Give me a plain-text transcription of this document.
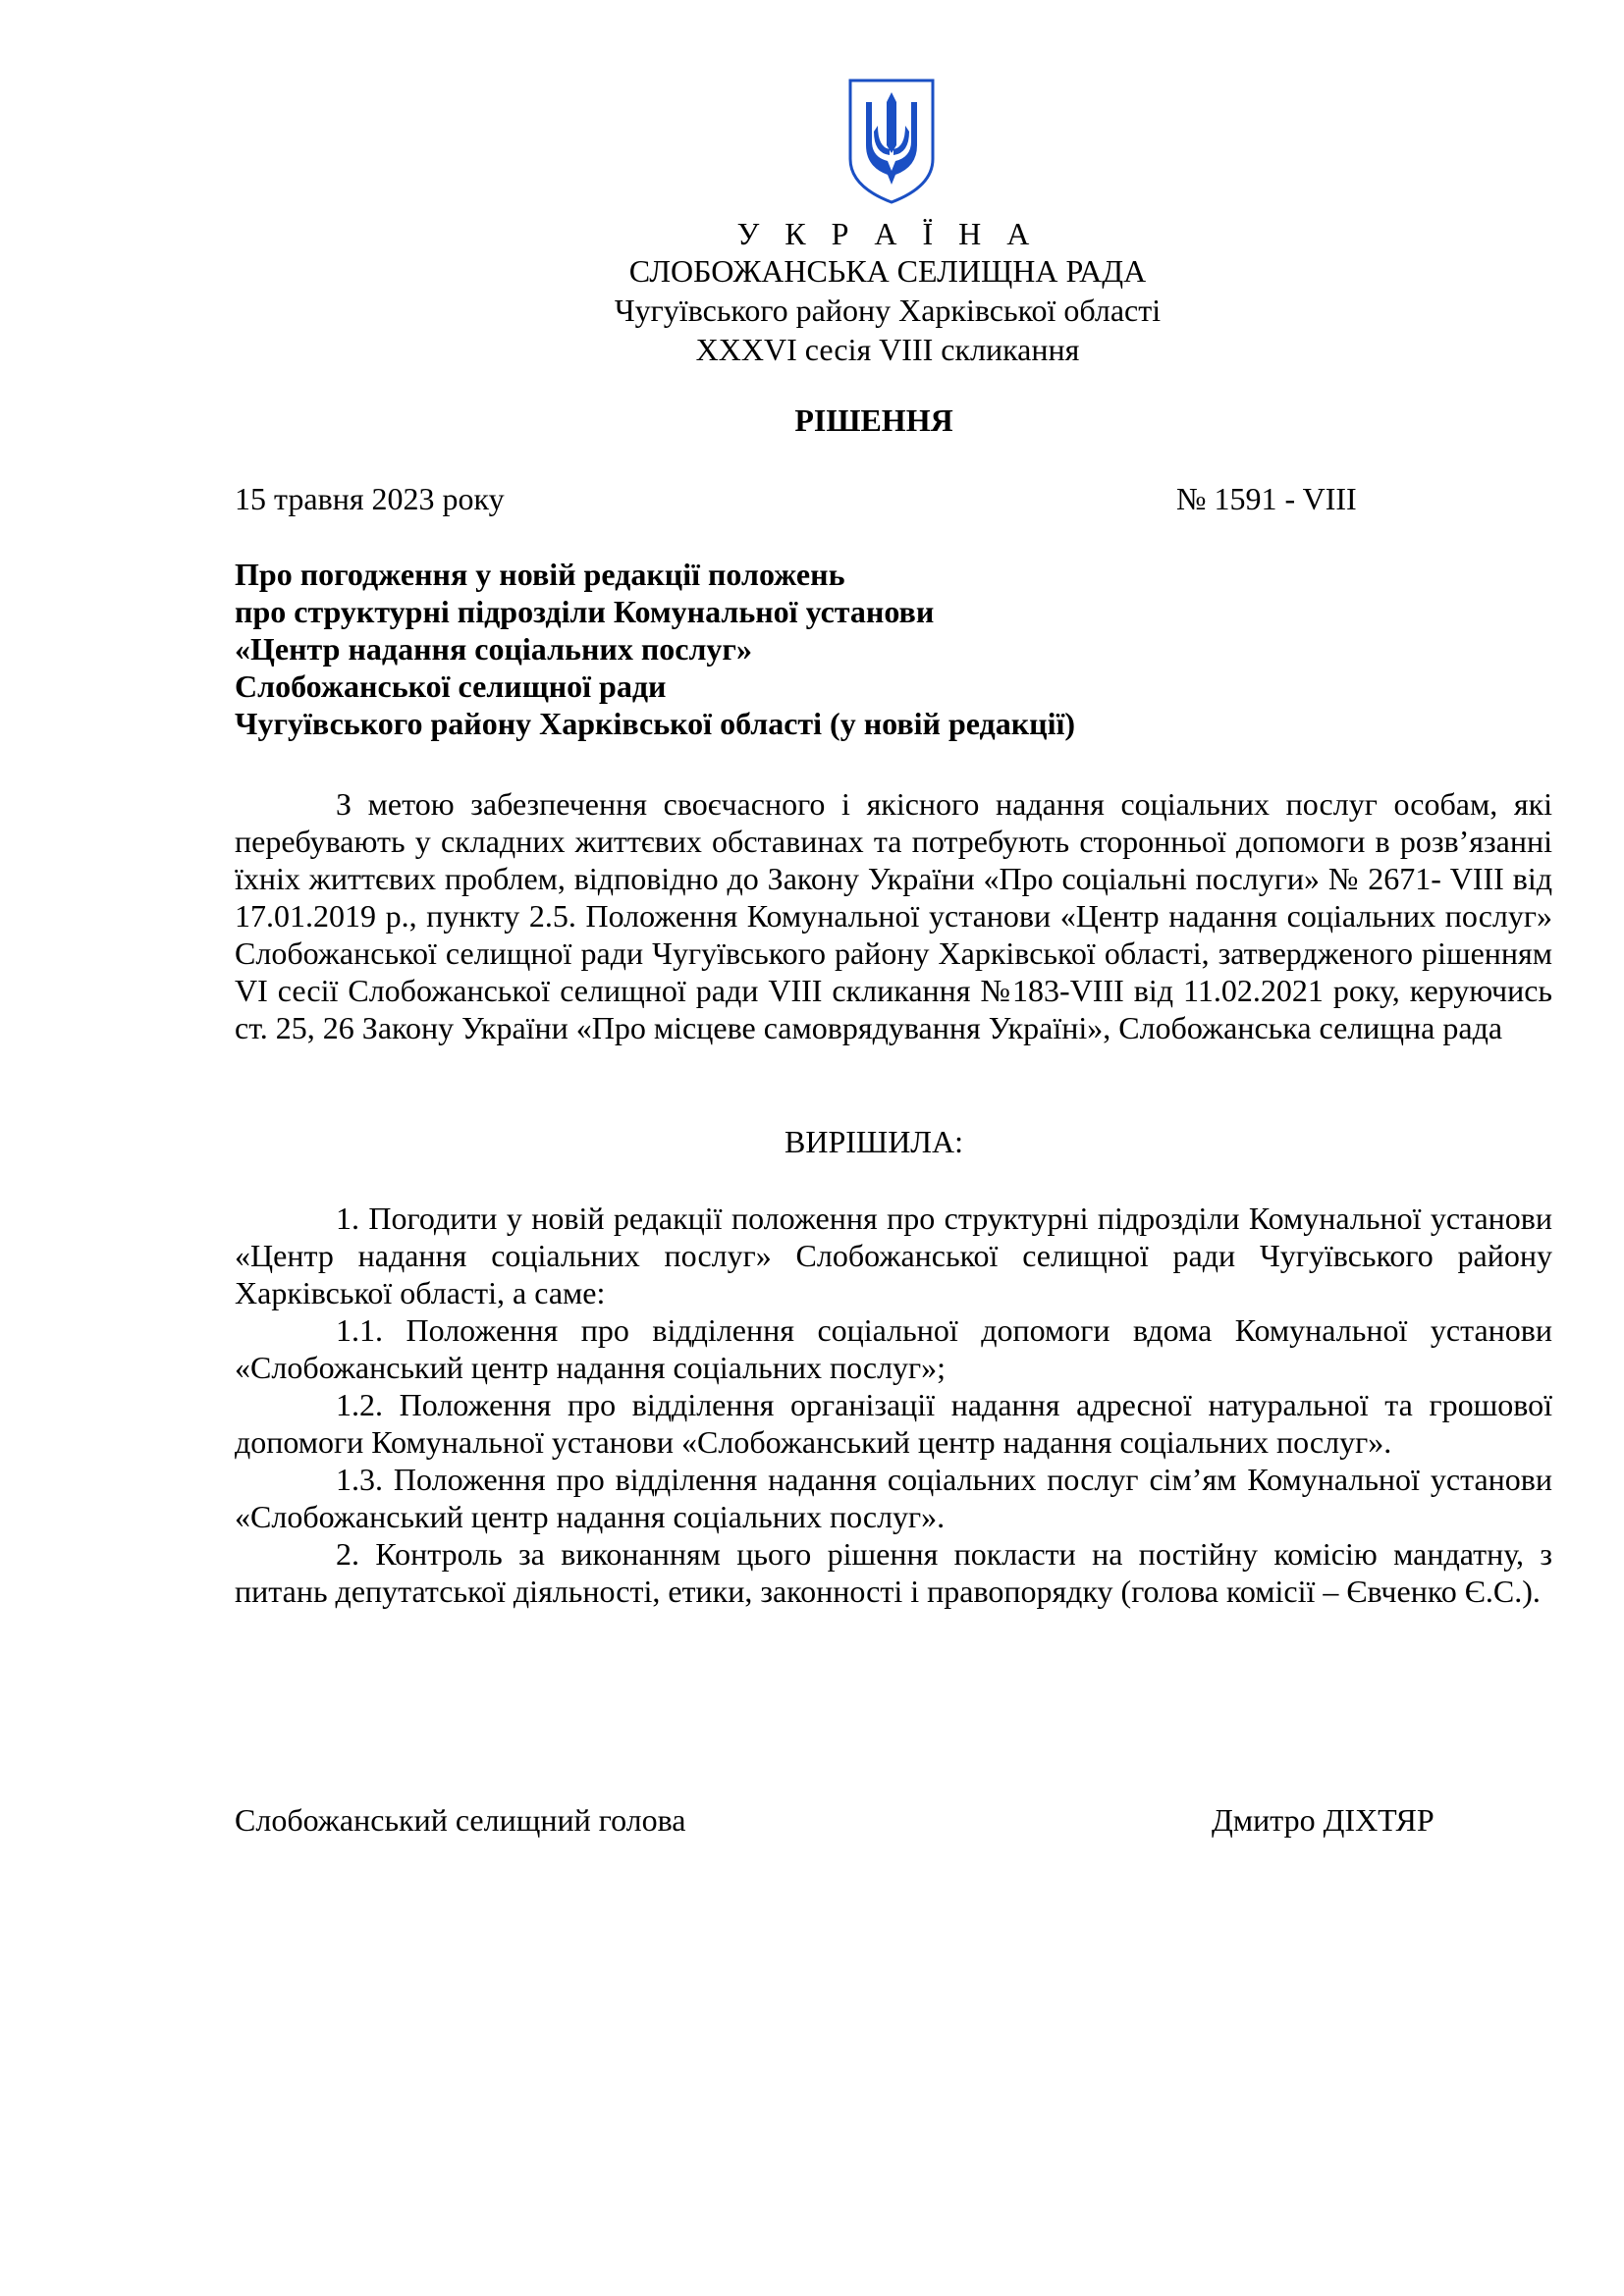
У К Р А Ї Н А
СЛОБОЖАНСЬКА СЕЛИЩНА РАДА
Чугуївського району Харківської області
XXXVI сесія VIII скликання
РІШЕННЯ
15 травня 2023 року	№ 1591 - VIII
Про погодження у новій редакції положень
про структурні підрозділи Комунальної установи
«Центр надання соціальних послуг»
Слобожанської селищної ради
Чугуївського району Харківської області (у новій редакції)
З метою забезпечення своєчасного і якісного надання соціальних послуг особам, які перебувають у складних життєвих обставинах та потребують сторонньої допомоги в розв’язанні їхніх життєвих проблем, відповідно до Закону України «Про соціальні послуги» № 2671- VIII від 17.01.2019 р., пункту 2.5. Положення Комунальної установи «Центр надання соціальних послуг» Слобожанської селищної ради Чугуївського району Харківської області, затвердженого рішенням VI сесії Слобожанської селищної ради VIII скликання №183-VIII від 11.02.2021 року, керуючись ст. 25, 26 Закону України «Про місцеве самоврядування Україні», Слобожанська селищна рада
ВИРІШИЛА:

1. Погодити у новій редакції положення про структурні підрозділи Комунальної установи «Центр надання соціальних послуг» Слобожанської селищної ради Чугуївського району Харківської області, а саме:

1.1. Положення про відділення соціальної допомоги вдома Комунальної установи «Слобожанський центр надання соціальних послуг»;

1.2. Положення про відділення організації надання адресної натуральної та грошової допомоги Комунальної установи «Слобожанський центр надання соціальних послуг».

1.3. Положення про відділення надання соціальних послуг сім’ям Комунальної установи «Слобожанський центр надання соціальних послуг».

2. Контроль за виконанням цього рішення покласти на постійну комісію мандатну, з питань депутатської діяльності, етики, законності і правопорядку (голова комісії – Євченко Є.С.).

Слобожанський селищний голова	Дмитро ДІХТЯР
